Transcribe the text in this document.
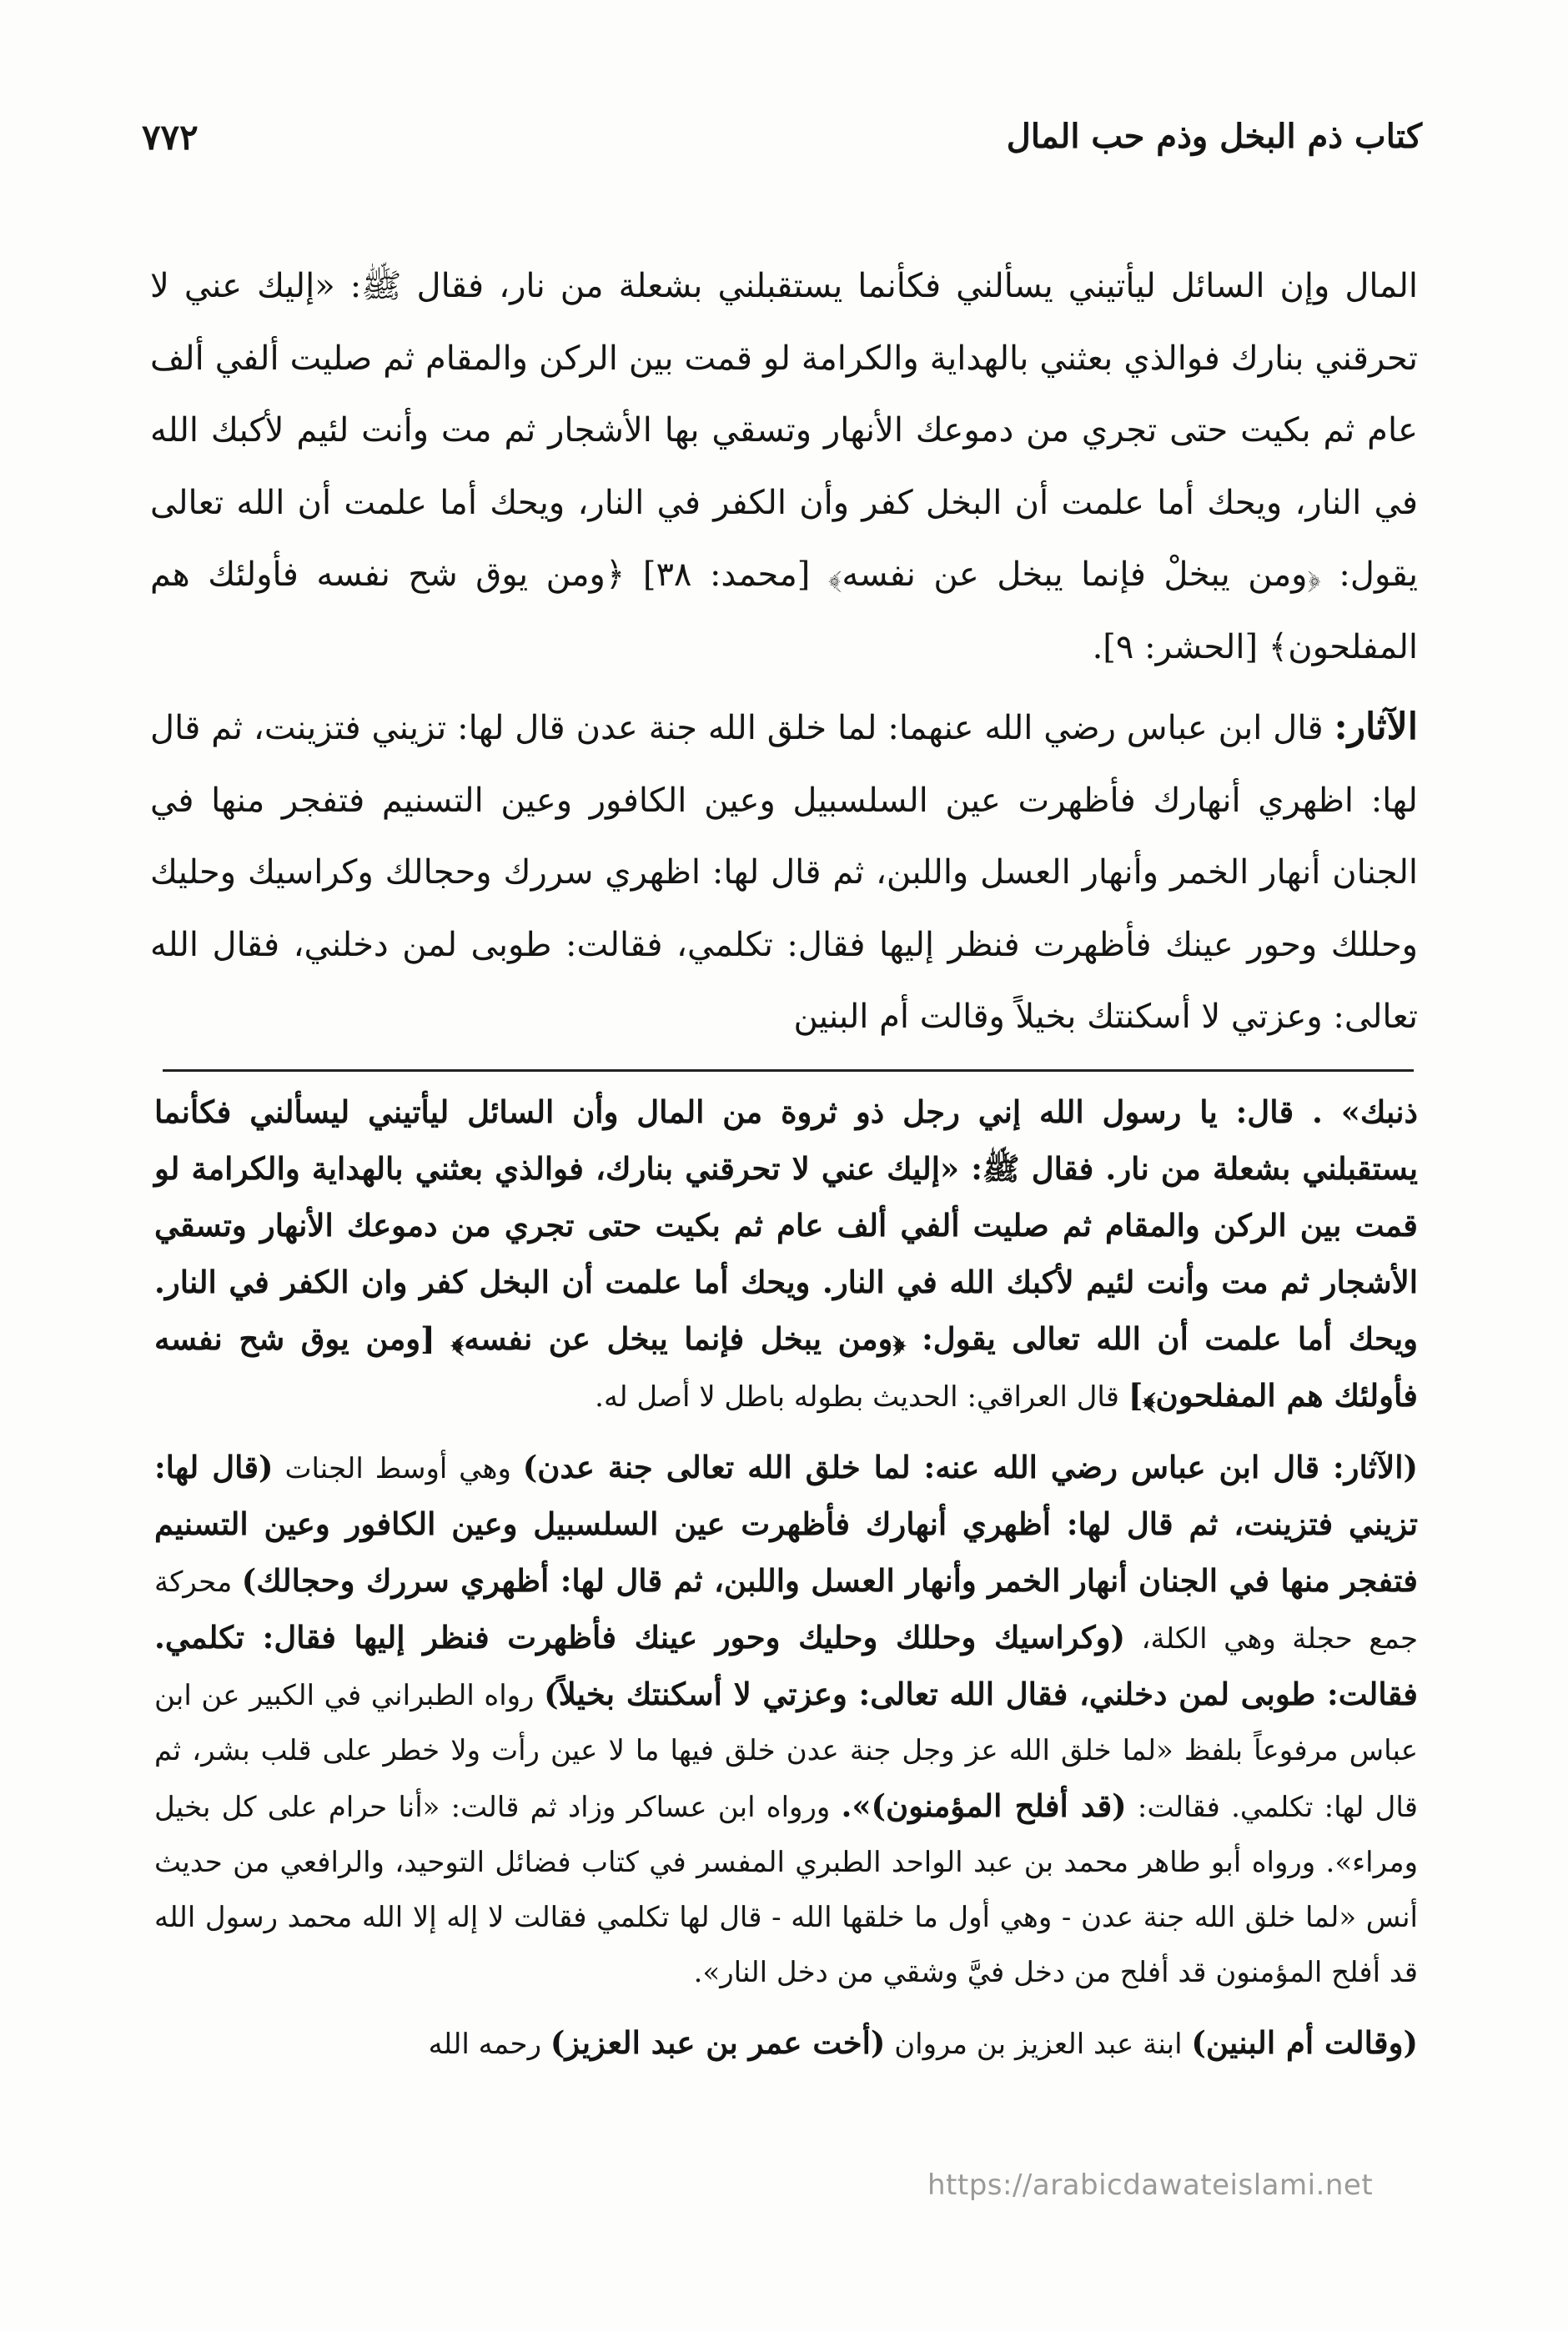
كتاب ذم البخل وذم حب المال
٧٧٢

المال وإن السائل ليأتيني يسألني فكأنما يستقبلني بشعلة من نار، فقال ﷺ: «إليك عني لا تحرقني بنارك فوالذي بعثني بالهداية والكرامة لو قمت بين الركن والمقام ثم صليت ألفي ألف عام ثم بكيت حتى تجري من دموعك الأنهار وتسقي بها الأشجار ثم مت وأنت لئيم لأكبك الله في النار، ويحك أما علمت أن البخل كفر وأن الكفر في النار، ويحك أما علمت أن الله تعالى يقول: ﴿ومن يبخلْ فإنما يبخل عن نفسه﴾ [محمد: ٣٨] ﴿ومن يوق شح نفسه فأولئك هم المفلحون﴾ [الحشر: ٩].

الآثار: قال ابن عباس رضي الله عنهما: لما خلق الله جنة عدن قال لها: تزيني فتزينت، ثم قال لها: اظهري أنهارك فأظهرت عين السلسبيل وعين الكافور وعين التسنيم فتفجر منها في الجنان أنهار الخمر وأنهار العسل واللبن، ثم قال لها: اظهري سررك وحجالك وكراسيك وحليك وحللك وحور عينك فأظهرت فنظر إليها فقال: تكلمي، فقالت: طوبى لمن دخلني، فقال الله تعالى: وعزتي لا أسكنتك بخيلاً وقالت أم البنين

ذنبك» . قال: يا رسول الله إني رجل ذو ثروة من المال وأن السائل ليأتيني ليسألني فكأنما يستقبلني بشعلة من نار. فقال ﷺ: «إليك عني لا تحرقني بنارك، فوالذي بعثني بالهداية والكرامة لو قمت بين الركن والمقام ثم صليت ألفي ألف عام ثم بكيت حتى تجري من دموعك الأنهار وتسقي الأشجار ثم مت وأنت لئيم لأكبك الله في النار. ويحك أما علمت أن البخل كفر وان الكفر في النار. ويحك أما علمت أن الله تعالى يقول: ﴿ومن يبخل فإنما يبخل عن نفسه﴾ [ومن يوق شح نفسه فأولئك هم المفلحون﴾] قال العراقي: الحديث بطوله باطل لا أصل له.

(الآثار: قال ابن عباس رضي الله عنه: لما خلق الله تعالى جنة عدن) وهي أوسط الجنات (قال لها: تزيني فتزينت، ثم قال لها: أظهري أنهارك فأظهرت عين السلسبيل وعين الكافور وعين التسنيم فتفجر منها في الجنان أنهار الخمر وأنهار العسل واللبن، ثم قال لها: أظهري سررك وحجالك) محركة جمع حجلة وهي الكلة، (وكراسيك وحللك وحليك وحور عينك فأظهرت فنظر إليها فقال: تكلمي. فقالت: طوبى لمن دخلني، فقال الله تعالى: وعزتي لا أسكنتك بخيلاً) رواه الطبراني في الكبير عن ابن عباس مرفوعاً بلفظ «لما خلق الله عز وجل جنة عدن خلق فيها ما لا عين رأت ولا خطر على قلب بشر، ثم قال لها: تكلمي. فقالت: (قد أفلح المؤمنون)». ورواه ابن عساكر وزاد ثم قالت: «أنا حرام على كل بخيل ومراء». ورواه أبو طاهر محمد بن عبد الواحد الطبري المفسر في كتاب فضائل التوحيد، والرافعي من حديث أنس «لما خلق الله جنة عدن - وهي أول ما خلقها الله - قال لها تكلمي فقالت لا إله إلا الله محمد رسول الله قد أفلح المؤمنون قد أفلح من دخل فيَّ وشقي من دخل النار».

(وقالت أم البنين) ابنة عبد العزيز بن مروان (أخت عمر بن عبد العزيز) رحمه الله

https://arabicdawateislami.net
